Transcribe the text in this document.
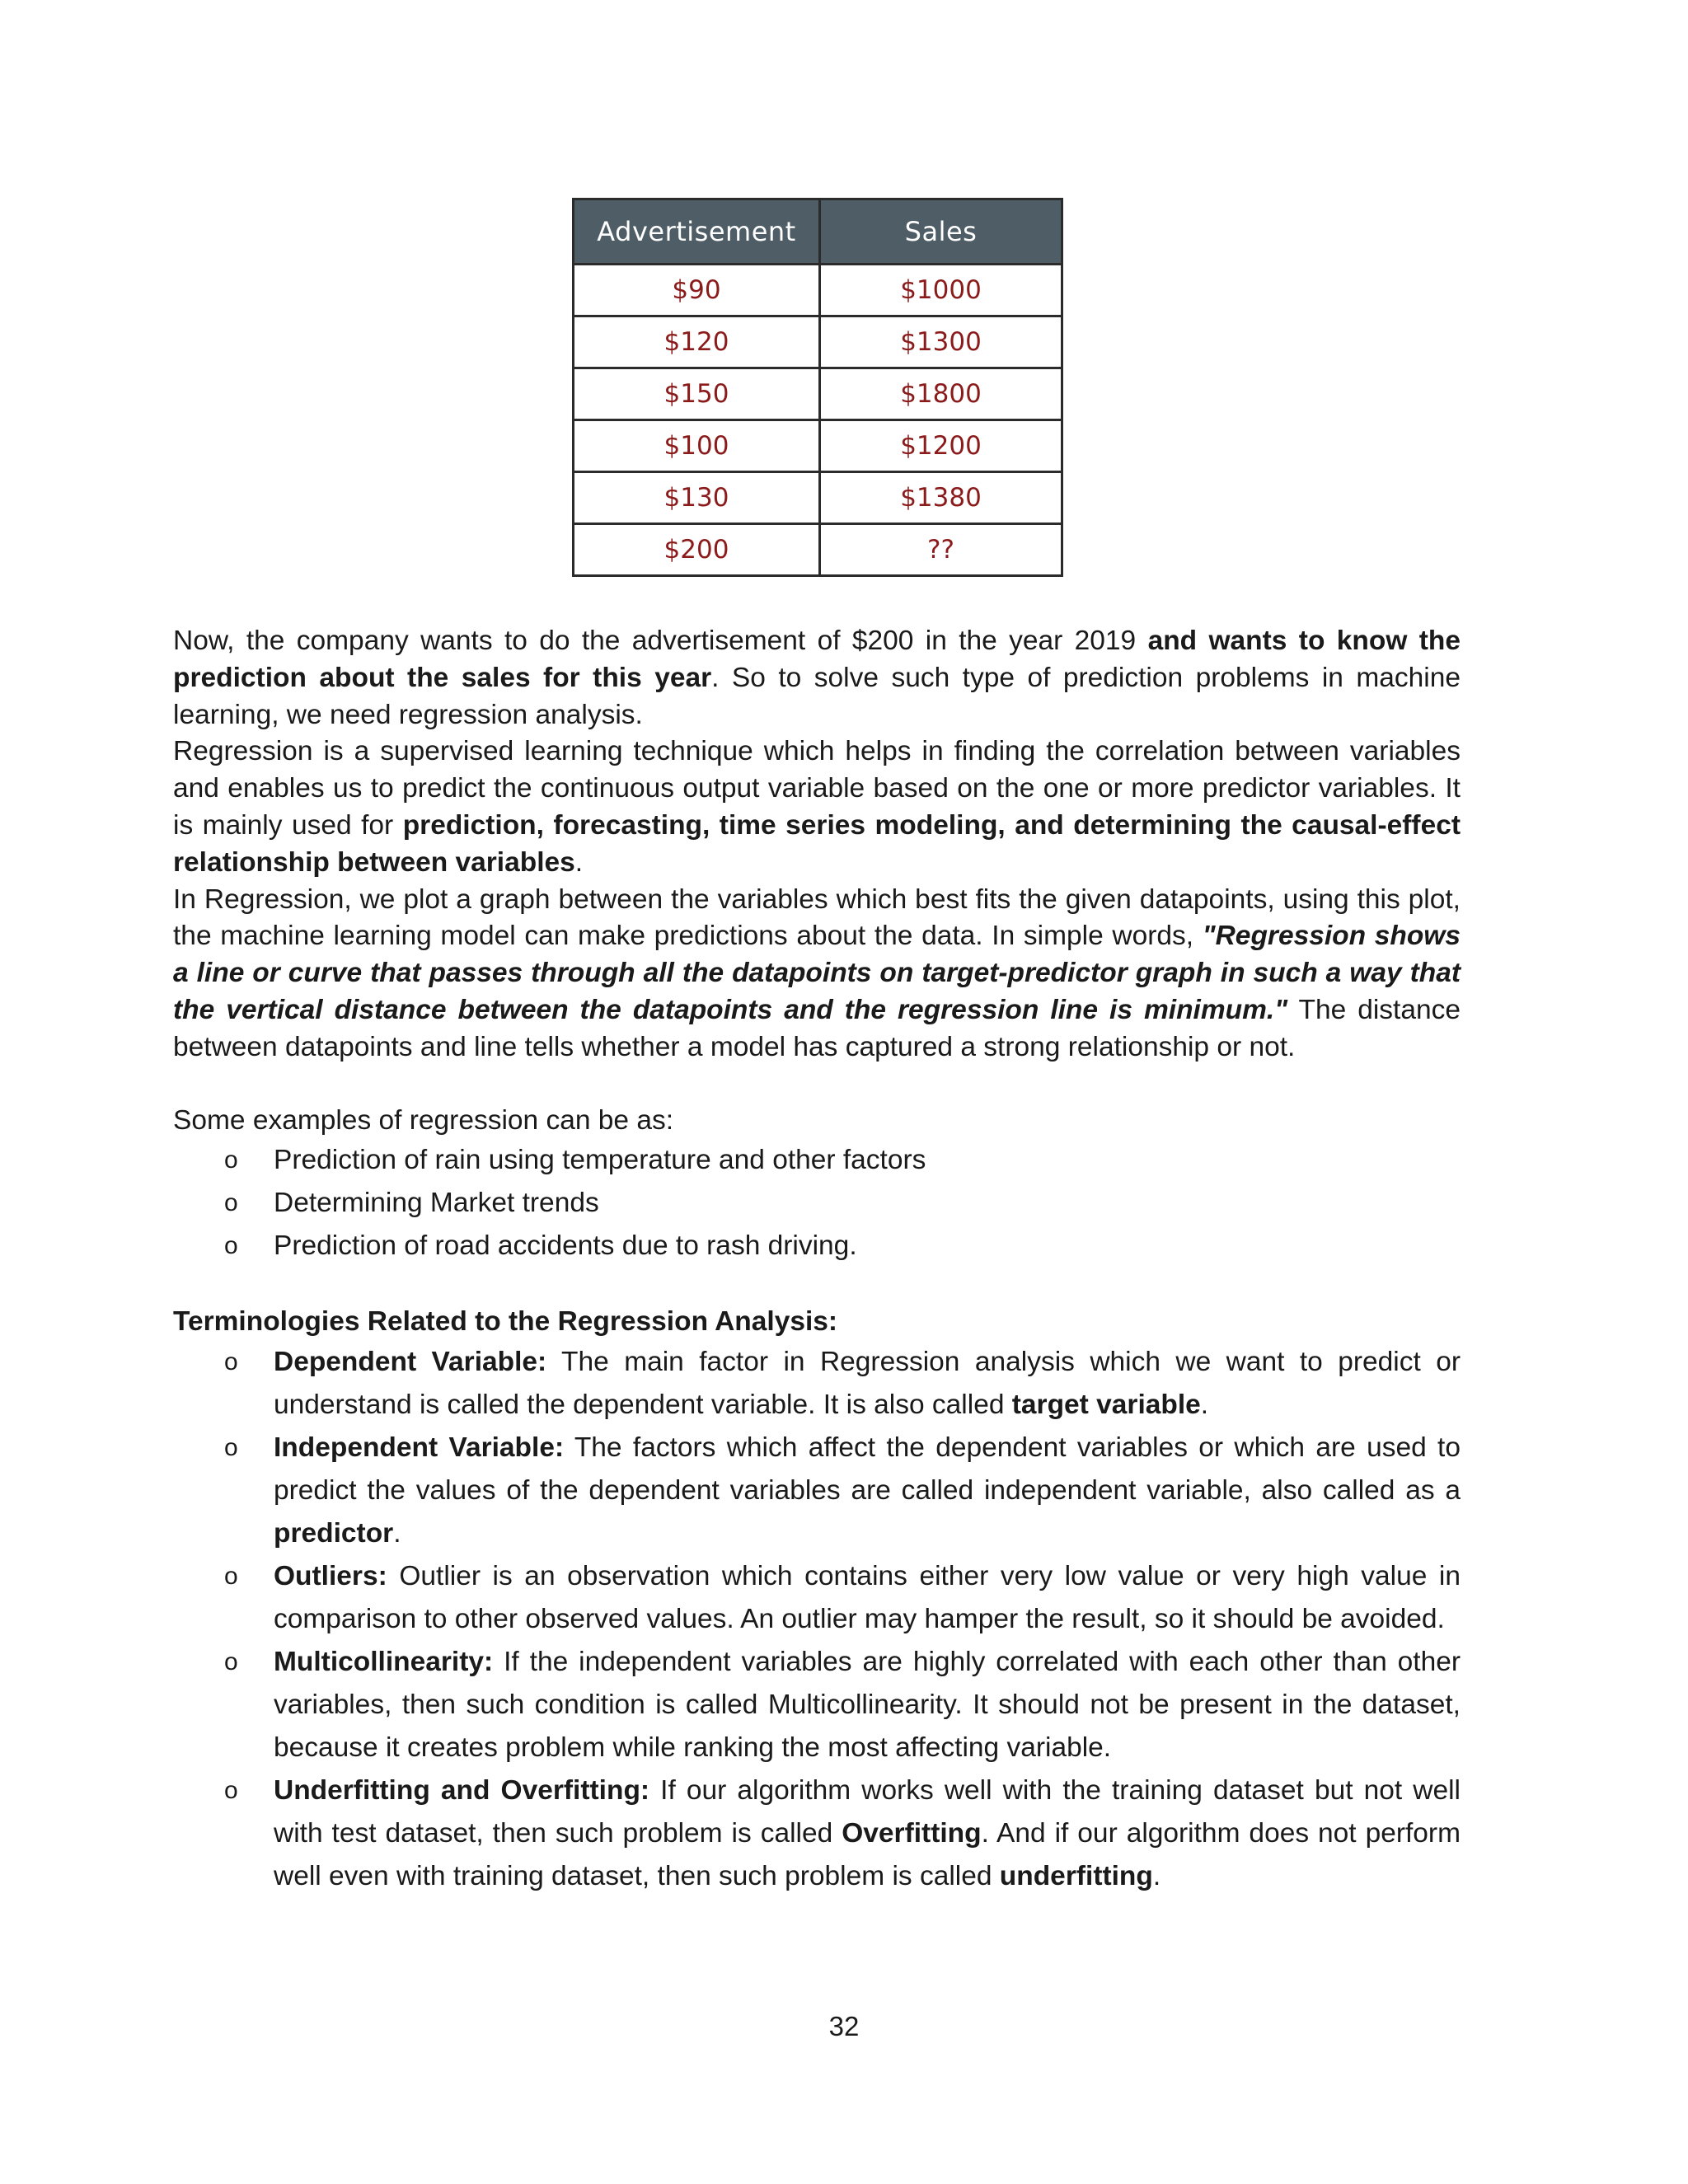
Advertisement	Sales
$90	$1000
$120	$1300
$150	$1800
$100	$1200
$130	$1380
$200	??

Now, the company wants to do the advertisement of $200 in the year 2019 and wants to know the prediction about the sales for this year. So to solve such type of prediction problems in machine learning, we need regression analysis.

Regression is a supervised learning technique which helps in finding the correlation between variables and enables us to predict the continuous output variable based on the one or more predictor variables. It is mainly used for prediction, forecasting, time series modeling, and determining the causal-effect relationship between variables.

In Regression, we plot a graph between the variables which best fits the given datapoints, using this plot, the machine learning model can make predictions about the data. In simple words, "Regression shows a line or curve that passes through all the datapoints on target-predictor graph in such a way that the vertical distance between the datapoints and the regression line is minimum." The distance between datapoints and line tells whether a model has captured a strong relationship or not.

Some examples of regression can be as:

o Prediction of rain using temperature and other factors
o Determining Market trends
o Prediction of road accidents due to rash driving.

Terminologies Related to the Regression Analysis:

o Dependent Variable: The main factor in Regression analysis which we want to predict or understand is called the dependent variable. It is also called target variable.
o Independent Variable: The factors which affect the dependent variables or which are used to predict the values of the dependent variables are called independent variable, also called as a predictor.
o Outliers: Outlier is an observation which contains either very low value or very high value in comparison to other observed values. An outlier may hamper the result, so it should be avoided.
o Multicollinearity: If the independent variables are highly correlated with each other than other variables, then such condition is called Multicollinearity. It should not be present in the dataset, because it creates problem while ranking the most affecting variable.
o Underfitting and Overfitting: If our algorithm works well with the training dataset but not well with test dataset, then such problem is called Overfitting. And if our algorithm does not perform well even with training dataset, then such problem is called underfitting.
32
